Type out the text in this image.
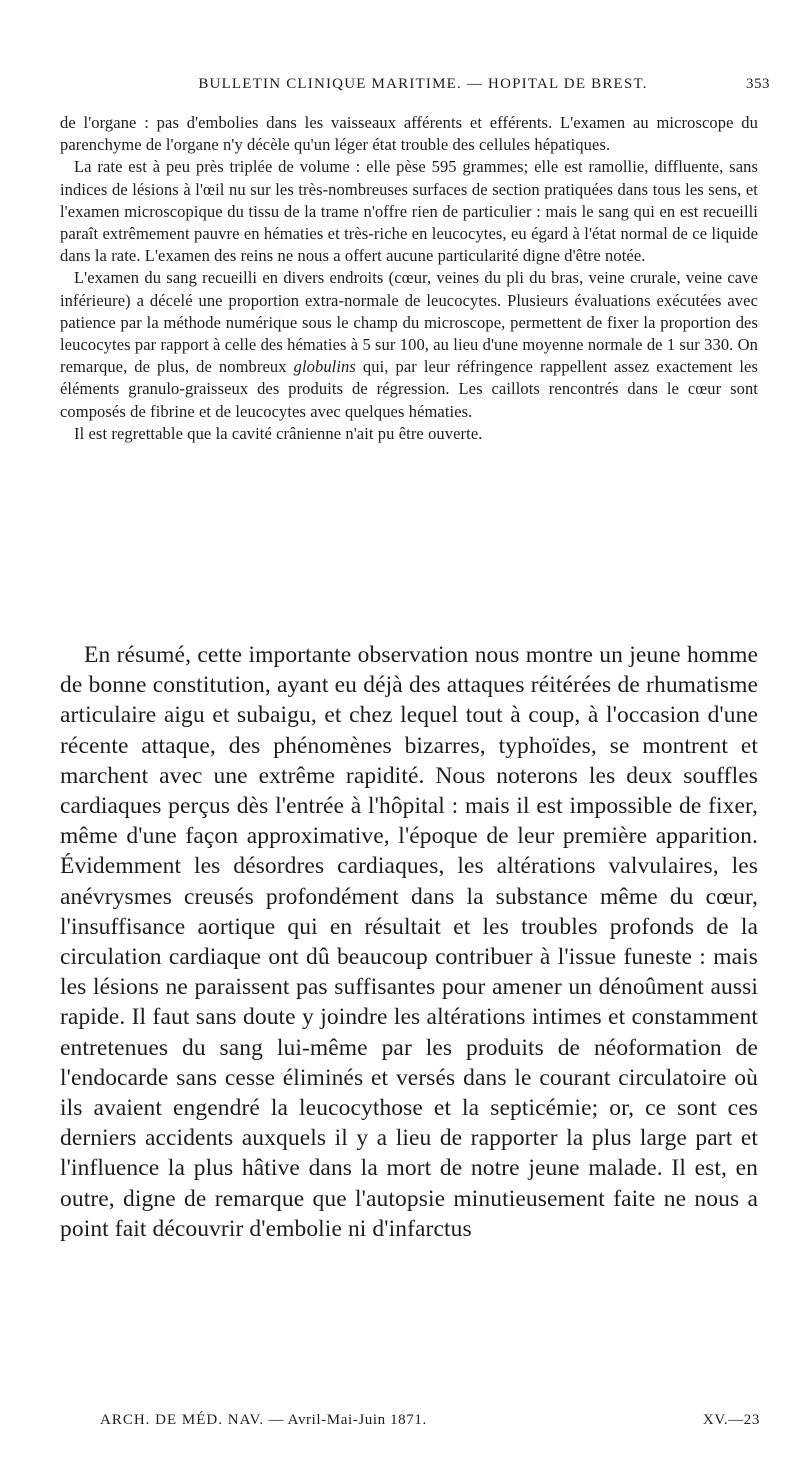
BULLETIN CLINIQUE MARITIME. — HOPITAL DE BREST.	353

de l'organe : pas d'embolies dans les vaisseaux afférents et efférents. L'examen au microscope du parenchyme de l'organe n'y décèle qu'un léger état trouble des cellules hépatiques.

La rate est à peu près triplée de volume : elle pèse 595 grammes; elle est ramollie, diffluente, sans indices de lésions à l'œil nu sur les très-nombreuses surfaces de section pratiquées dans tous les sens, et l'examen microscopique du tissu de la trame n'offre rien de particulier : mais le sang qui en est recueilli paraît extrêmement pauvre en hématies et très-riche en leucocytes, eu égard à l'état normal de ce liquide dans la rate. L'examen des reins ne nous a offert aucune particularité digne d'être notée.

L'examen du sang recueilli en divers endroits (cœur, veines du pli du bras, veine crurale, veine cave inférieure) a décelé une proportion extra-normale de leucocytes. Plusieurs évaluations exécutées avec patience par la méthode numérique sous le champ du microscope, permettent de fixer la proportion des leucocytes par rapport à celle des hématies à 5 sur 100, au lieu d'une moyenne normale de 1 sur 330. On remarque, de plus, de nombreux globulins qui, par leur réfringence rappellent assez exactement les éléments granulo-graisseux des produits de régression. Les caillots rencontrés dans le cœur sont composés de fibrine et de leucocytes avec quelques hématies.

Il est regrettable que la cavité crânienne n'ait pu être ouverte.

En résumé, cette importante observation nous montre un jeune homme de bonne constitution, ayant eu déjà des attaques réitérées de rhumatisme articulaire aigu et subaigu, et chez lequel tout à coup, à l'occasion d'une récente attaque, des phénomènes bizarres, typhoïdes, se montrent et marchent avec une extrême rapidité. Nous noterons les deux souffles cardiaques perçus dès l'entrée à l'hôpital : mais il est impossible de fixer, même d'une façon approximative, l'époque de leur première apparition. Évidemment les désordres cardiaques, les altérations valvulaires, les anévrysmes creusés profondément dans la substance même du cœur, l'insuffisance aortique qui en résultait et les troubles profonds de la circulation cardiaque ont dû beaucoup contribuer à l'issue funeste : mais les lésions ne paraissent pas suffisantes pour amener un dénoûment aussi rapide. Il faut sans doute y joindre les altérations intimes et constamment entretenues du sang lui-même par les produits de néoformation de l'endocarde sans cesse éliminés et versés dans le courant circulatoire où ils avaient engendré la leucocythose et la septicémie; or, ce sont ces derniers accidents auxquels il y a lieu de rapporter la plus large part et l'influence la plus hâtive dans la mort de notre jeune malade. Il est, en outre, digne de remarque que l'autopsie minutieusement faite ne nous a point fait découvrir d'embolie ni d'infarctus

ARCH. DE MÉD. NAV. — Avril-Mai-Juin 1871.	XV.—23
